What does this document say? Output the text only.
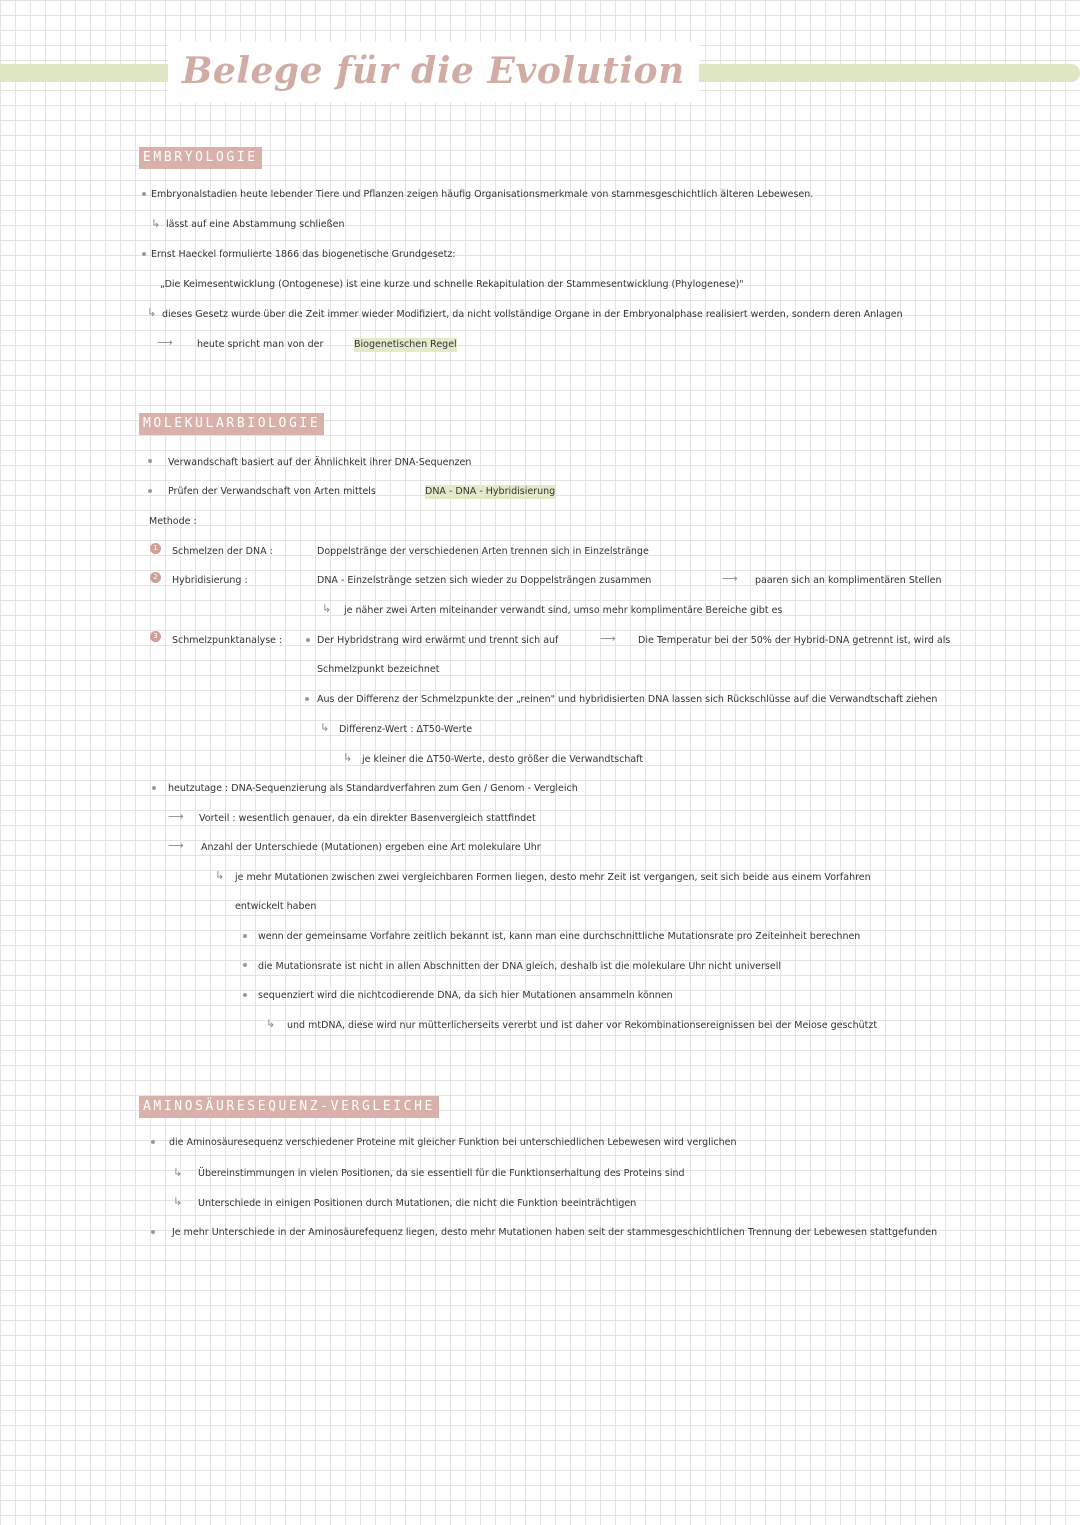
Belege für die Evolution
EMBRYOLOGIE
Embryonalstadien heute lebender Tiere und Pflanzen zeigen häufig Organisationsmerkmale von stammesgeschichtlich älteren Lebewesen.
↳ lässt auf eine Abstammung schließen
Ernst Haeckel formulierte 1866 das biogenetische Grundgesetz:
„Die Keimesentwicklung (Ontogenese) ist eine kurze und schnelle Rekapitulation der Stammesentwicklung (Phylogenese)"
↳ dieses Gesetz wurde über die Zeit immer wieder Modifiziert, da nicht vollständige Organe in der Embryonalphase realisiert werden, sondern deren Anlagen
⟶	heute spricht man von der	Biogenetischen Regel
MOLEKULARBIOLOGIE
Verwandschaft basiert auf der Ähnlichkeit ihrer DNA-Sequenzen
Prüfen der Verwandschaft von Arten mittels	DNA - DNA - Hybridisierung
Methode :
1	Schmelzen der DNA :	Doppelstränge der verschiedenen Arten trennen sich in Einzelstränge
2	Hybridisierung :	DNA - Einzelstränge setzen sich wieder zu Doppelsträngen zusammen	⟶ paaren sich an komplimentären Stellen
↳ je näher zwei Arten miteinander verwandt sind, umso mehr komplimentäre Bereiche gibt es
3	Schmelzpunktanalyse :	Der Hybridstrang wird erwärmt und trennt sich auf	⟶ Die Temperatur bei der 50% der Hybrid-DNA getrennt ist, wird als
Schmelzpunkt bezeichnet
Aus der Differenz der Schmelzpunkte der „reinen" und hybridisierten DNA lassen sich Rückschlüsse auf die Verwandtschaft ziehen
↳ Differenz-Wert : ΔT50-Werte
↳ je kleiner die ΔT50-Werte, desto größer die Verwandtschaft
heutzutage : DNA-Sequenzierung als Standardverfahren zum Gen / Genom - Vergleich
⟶ Vorteil : wesentlich genauer, da ein direkter Basenvergleich stattfindet
⟶ Anzahl der Unterschiede (Mutationen) ergeben eine Art molekulare Uhr
↳ je mehr Mutationen zwischen zwei vergleichbaren Formen liegen, desto mehr Zeit ist vergangen, seit sich beide aus einem Vorfahren
entwickelt haben
wenn der gemeinsame Vorfahre zeitlich bekannt ist, kann man eine durchschnittliche Mutationsrate pro Zeiteinheit berechnen
die Mutationsrate ist nicht in allen Abschnitten der DNA gleich, deshalb ist die molekulare Uhr nicht universell
sequenziert wird die nichtcodierende DNA, da sich hier Mutationen ansammeln können
↳ und mtDNA, diese wird nur mütterlicherseits vererbt und ist daher vor Rekombinationsereignissen bei der Meiose geschützt
AMINOSÄURESEQUENZ-VERGLEICHE
die Aminosäuresequenz verschiedener Proteine mit gleicher Funktion bei unterschiedlichen Lebewesen wird verglichen
↳ Übereinstimmungen in vielen Positionen, da sie essentiell für die Funktionserhaltung des Proteins sind
↳ Unterschiede in einigen Positionen durch Mutationen, die nicht die Funktion beeinträchtigen
Je mehr Unterschiede in der Aminosäurefequenz liegen, desto mehr Mutationen haben seit der stammesgeschichtlichen Trennung der Lebewesen stattgefunden
